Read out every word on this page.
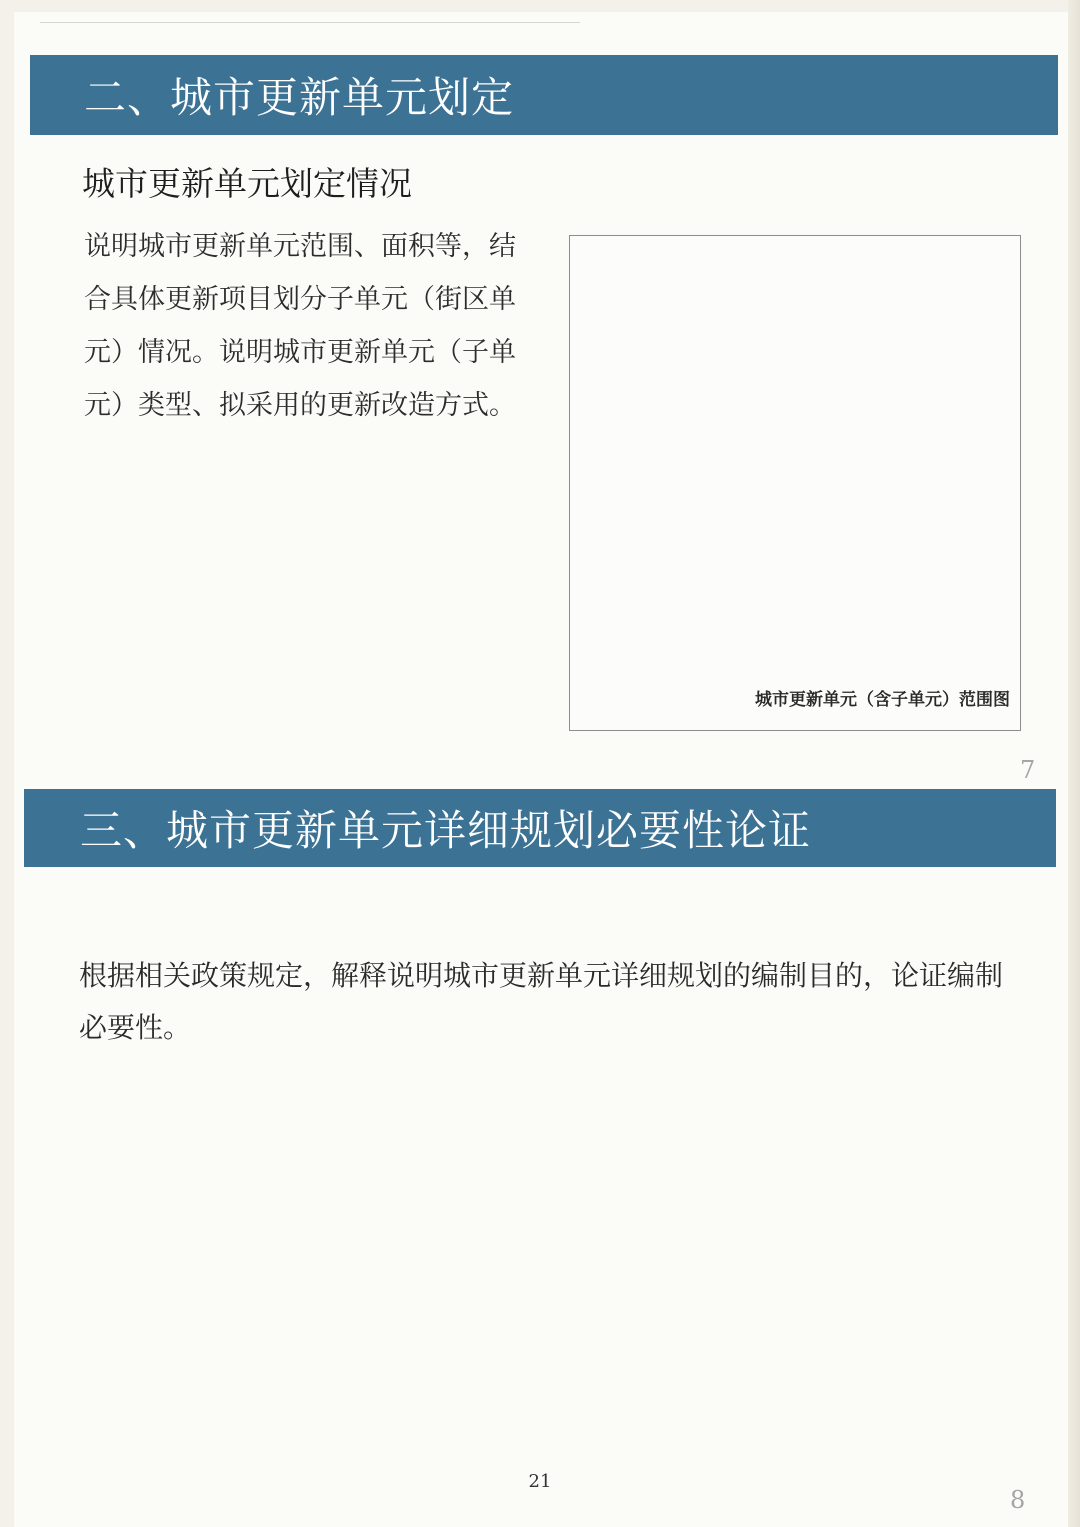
二、城市更新单元划定
城市更新单元划定情况
说明城市更新单元范围、面积等，结合具体更新项目划分子单元（街区单元）情况。说明城市更新单元（子单元）类型、拟采用的更新改造方式。
城市更新单元（含子单元）范围图
7
三、城市更新单元详细规划必要性论证
根据相关政策规定，解释说明城市更新单元详细规划的编制目的，论证编制必要性。
21
8
